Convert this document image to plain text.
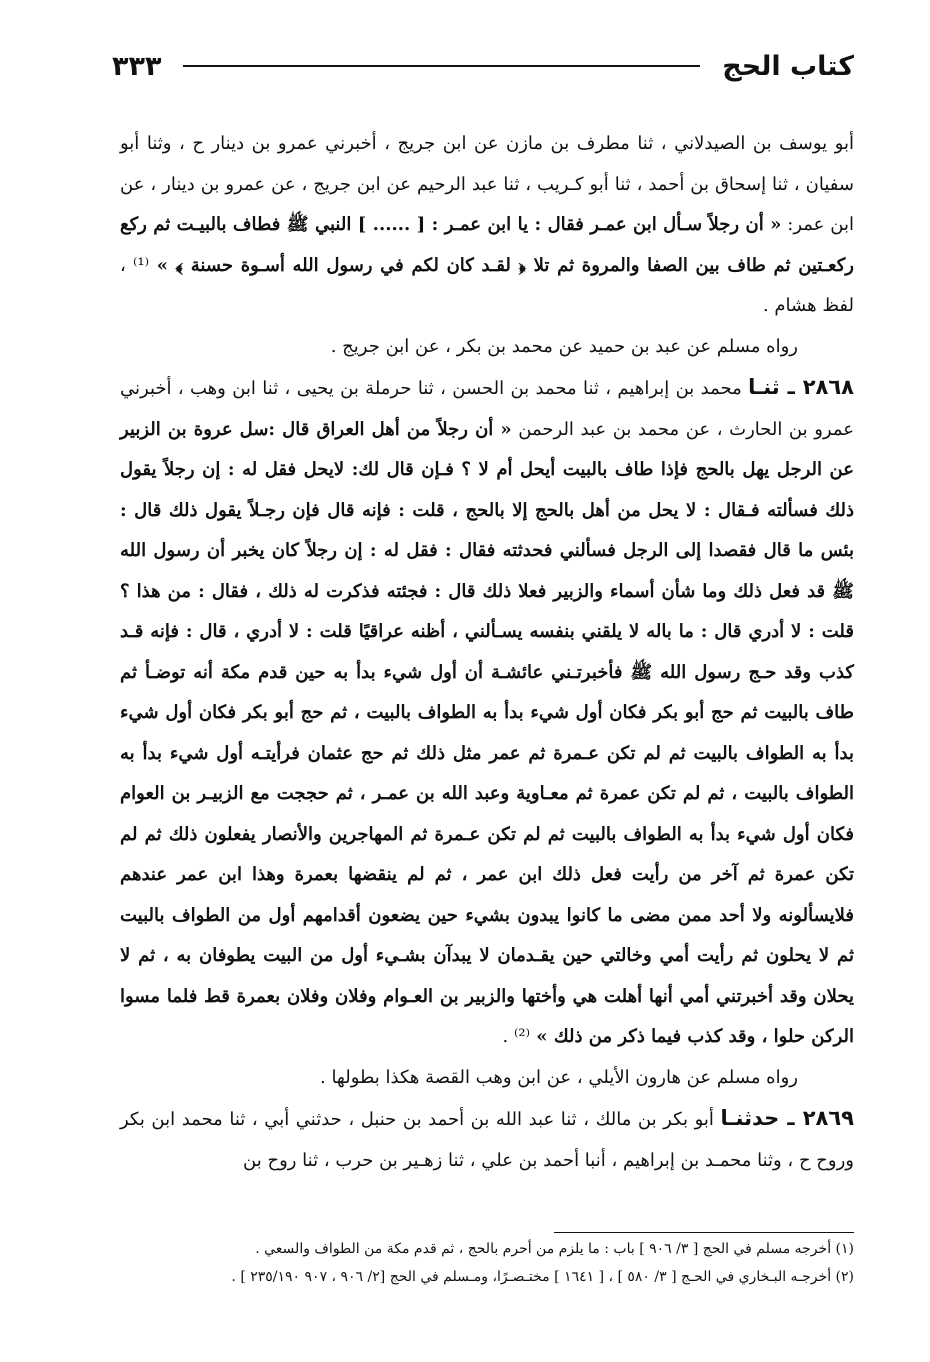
كتاب الحج
٣٣٣

أبو يوسف بن الصيدلاني ، ثنا مطرف بن مازن عن ابن جريج ، أخبرني عمرو بن دينار ح ، وثنا أبو سفيان ، ثنا إسحاق بن أحمد ، ثنا أبو كـريب ، ثنا عبد الرحيم عن ابن جريج ، عن عمرو بن دينار ، عن ابن عمر: « أن رجلاً سـأل ابن عمـر فقال : يا ابن عمـر : [ ...... ] النبي ﷺ فطاف بالبيـت ثم ركع ركعـتين ثم طاف بين الصفا والمروة ثم تلا ﴿ لقـد كان لكم في رسول الله أسـوة حسنة ﴾ » ⁽¹⁾ ، لفظ هشام .

رواه مسلم عن عبد بن حميد عن محمد بن بكر ، عن ابن جريج .

٢٨٦٨ ـ ثنـا محمد بن إبراهيم ، ثنا محمد بن الحسن ، ثنا حرملة بن يحيى ، ثنا ابن وهب ، أخبرني عمرو بن الحارث ، عن محمد بن عبد الرحمن « أن رجلاً من أهل العراق قال :سل عروة بن الزبير عن الرجل يهل بالحج فإذا طاف بالبيت أيحل أم لا ؟ فـإن قال لك: لايحل فقل له : إن رجلاً يقول ذلك فسألته فـقال : لا يحل من أهل بالحج إلا بالحج ، قلت : فإنه قال فإن رجـلاً يقول ذلك قال : بئس ما قال فقصدا إلى الرجل فسألني فحدثته فقال : فقل له : إن رجلاً كان يخبر أن رسول الله ﷺ قد فعل ذلك وما شأن أسماء والزبير فعلا ذلك قال : فجئته فذكرت له ذلك ، فقال : من هذا ؟ قلت : لا أدري قال : ما باله لا يلقني بنفسه يسـألني ، أظنه عراقيًا قلت : لا أدري ، قال : فإنه قـد كذب وقد حـج رسول الله ﷺ فأخبرتـني عائشـة أن أول شيء بدأ به حين قدم مكة أنه توضـأ ثم طاف بالبيت ثم حج أبو بكر فكان أول شيء بدأ به الطواف بالبيت ، ثم حج أبو بكر فكان أول شيء بدأ به الطواف بالبيت ثم لم تكن عـمرة ثم عمر مثل ذلك ثم حج عثمان فرأيتـه أول شيء بدأ به الطواف بالبيت ، ثم لم تكن عمرة ثم معـاوية وعبد الله بن عمـر ، ثم حججت مع الزبيـر بن العوام فكان أول شيء بدأ به الطواف بالبيت ثم لم تكن عـمرة ثم المهاجرين والأنصار يفعلون ذلك ثم لم تكن عمرة ثم آخر من رأيت فعل ذلك ابن عمر ، ثم لم ينقضها بعمرة وهذا ابن عمر عندهم فلايسألونه ولا أحد ممن مضى ما كانوا يبدون بشيء حين يضعون أقدامهم أول من الطواف بالبيت ثم لا يحلون ثم رأيت أمي وخالتي حين يقـدمان لا يبدآن بشـيء أول من البيت يطوفان به ، ثم لا يحلان وقد أخبرتني أمي أنها أهلت هي وأختها والزبير بن العـوام وفلان وفلان بعمرة قط فلما مسوا الركن حلوا ، وقد كذب فيما ذكر من ذلك » ⁽²⁾ .

رواه مسلم عن هارون الأيلي ، عن ابن وهب القصة هكذا بطولها .

٢٨٦٩ ـ حدثنـا أبو بكر بن مالك ، ثنا عبد الله بن أحمد بن حنبل ، حدثني أبي ، ثنا محمد ابن بكر وروح ح ، وثنا محمـد بن إبراهيم ، أنبا أحمد بن علي ، ثنا زهـير بن حرب ، ثنا روح بن

(١) أخرجه مسلم في الحج [ ٣/ ٩٠٦ ] باب : ما يلزم من أحرم بالحج ، ثم قدم مكة من الطواف والسعي .

(٢) أخرجـه البـخاري في الحـج [ ٣/ ٥٨٠ ] ، [ ١٦٤١ ] مختـصـرًا، ومـسلم في الحج [٢/ ٩٠٦ ، ٩٠٧ ٢٣٥/١٩٠ ] .
